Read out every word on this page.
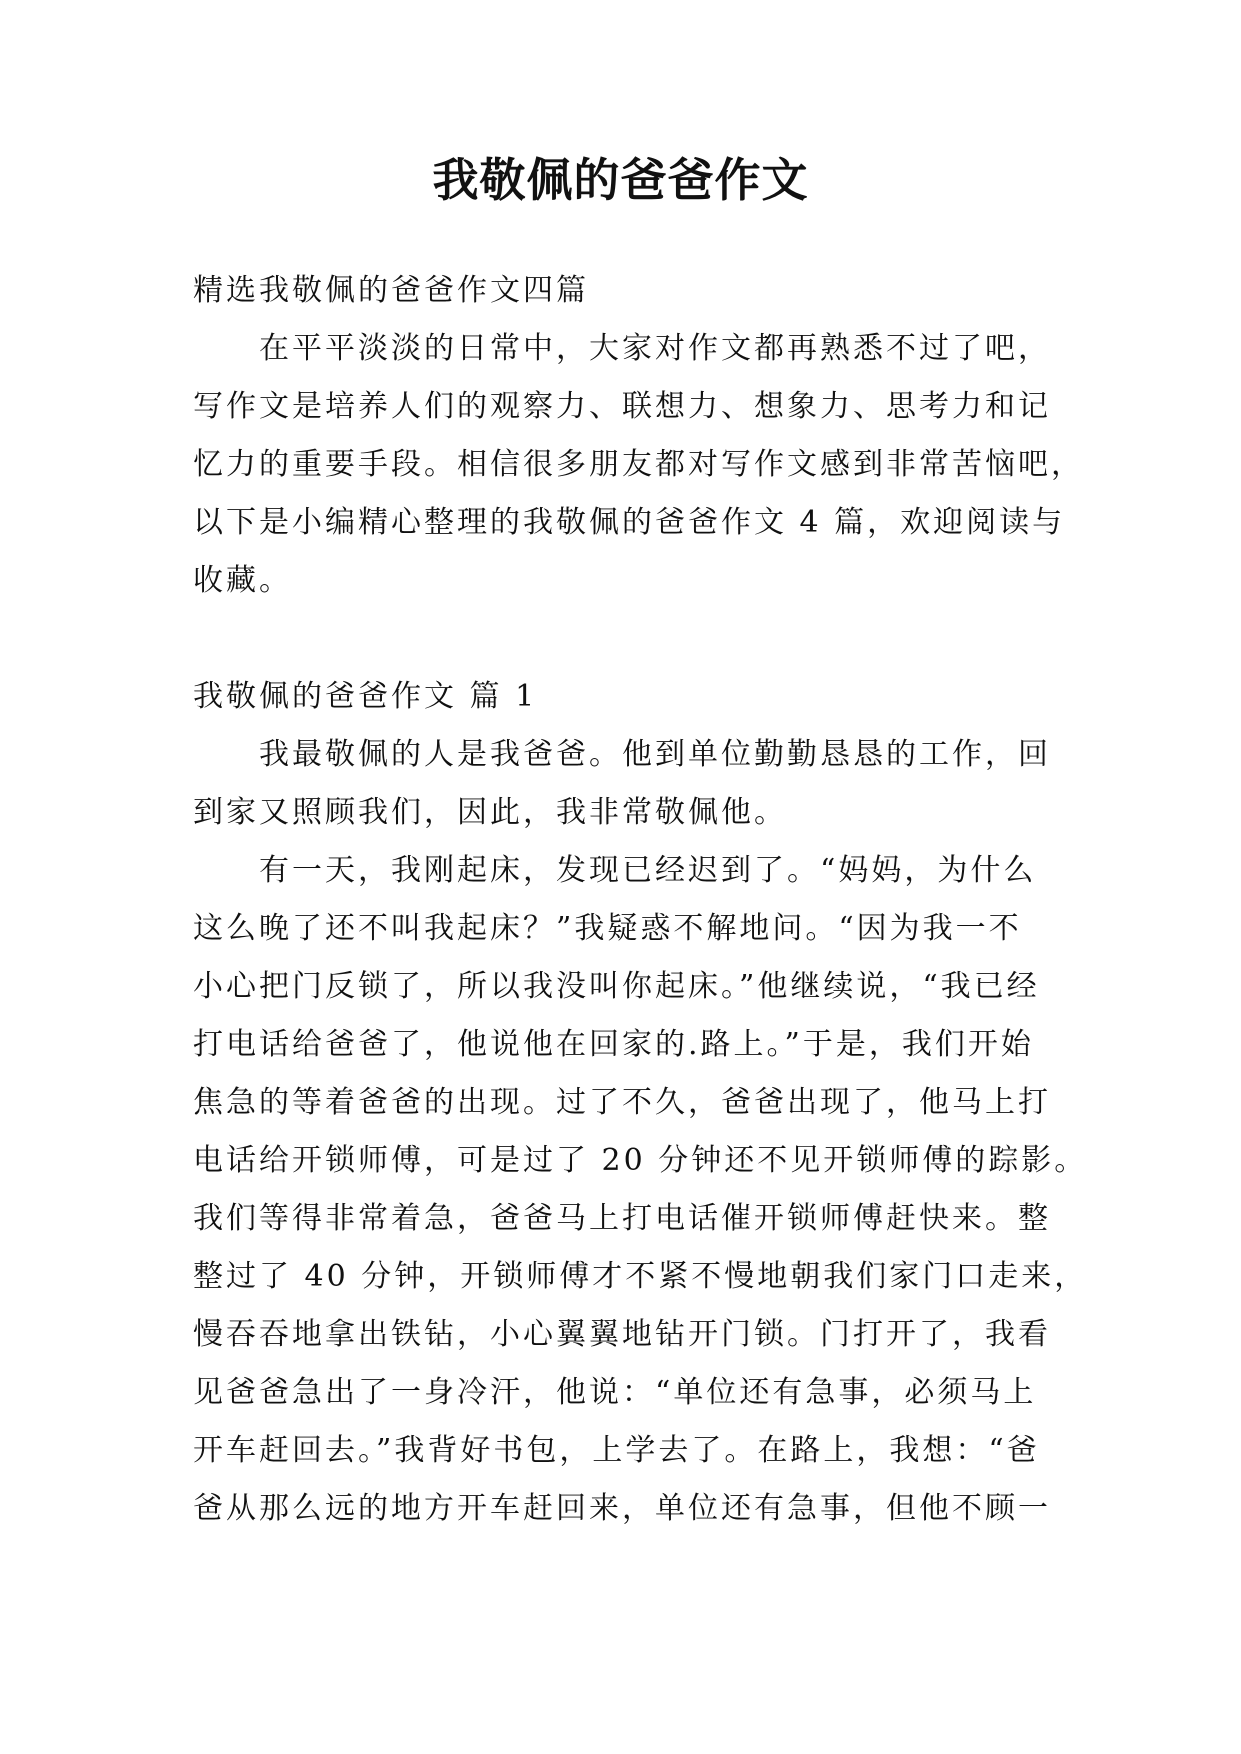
我敬佩的爸爸作文
精选我敬佩的爸爸作文四篇
在平平淡淡的日常中，大家对作文都再熟悉不过了吧，
写作文是培养人们的观察力、联想力、想象力、思考力和记
忆力的重要手段。相信很多朋友都对写作文感到非常苦恼吧，
以下是小编精心整理的我敬佩的爸爸作文 4 篇，欢迎阅读与
收藏。
我敬佩的爸爸作文 篇 1
我最敬佩的人是我爸爸。他到单位勤勤恳恳的工作，回
到家又照顾我们，因此，我非常敬佩他。
有一天，我刚起床，发现已经迟到了。“妈妈，为什么
这么晚了还不叫我起床？”我疑惑不解地问。“因为我一不
小心把门反锁了，所以我没叫你起床。”他继续说，“我已经
打电话给爸爸了，他说他在回家的.路上。”于是，我们开始
焦急的等着爸爸的出现。过了不久，爸爸出现了，他马上打
电话给开锁师傅，可是过了 20 分钟还不见开锁师傅的踪影。
我们等得非常着急，爸爸马上打电话催开锁师傅赶快来。整
整过了 40 分钟，开锁师傅才不紧不慢地朝我们家门口走来，
慢吞吞地拿出铁钻，小心翼翼地钻开门锁。门打开了，我看
见爸爸急出了一身冷汗，他说：“单位还有急事，必须马上
开车赶回去。”我背好书包，上学去了。在路上，我想：“爸
爸从那么远的地方开车赶回来，单位还有急事，但他不顾一
